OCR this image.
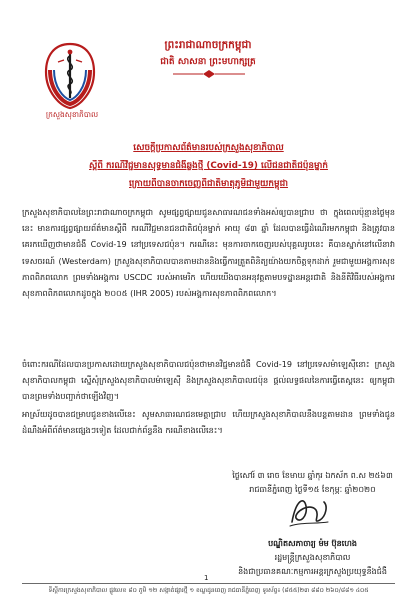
ក្រសួងសុខាភិបាល
ព្រះរាជាណាចក្រកម្ពុជា
ជាតិ សាសនា ព្រះមហាក្សត្រ
សេចក្តីប្រកាសព័ត៌មានរបស់ក្រសួងសុខាភិបាល
ស្តីពី ករណីវិជ្ជមានសុទ្ធមានជំងឺឆ្លងថ្មី (Covid-19) លើជនជាតិជប៉ុនម្នាក់
ក្រោយពីបានចាកចេញពីជាតិមាតុភូមិជាមួយកម្ពុជា
ក្រសួងសុខាភិបាលនៃព្រះរាជាណាចក្រកម្ពុជា សូមផ្សព្វផ្សាយជូនសាធារណជនទាំងអស់ឲ្យបានជ្រាប ថា ក្នុងពេលប៉ុន្មានថ្ងៃមុននេះ មានការផ្សព្វផ្សាយព័ត៌មានស្តីពី ករណីវិជ្ជមានជនជាតិជប៉ុនម្នាក់ អាយុ ៨៣ ឆ្នាំ ដែលបានធ្វើដំណើរមកកម្ពុជា និងត្រូវបានគេរកឃើញថាមានជំងឺ Covid-19 នៅប្រទេសជប៉ុន។ ករណីនេះ មុនការចាកចេញរបស់បុគ្គលរូបនេះ គឺបានស្នាក់នៅលើនាវាទេសចរណ៍ (Westerdam) ក្រសួងសុខាភិបាលបានតាមដាននិងធ្វើការត្រួតពិនិត្យយ៉ាងយកចិត្តទុកដាក់ រួមជាមួយអង្គការសុខភាពពិភពលោក ព្រមទាំងអង្គការ USCDC របស់អាមេរិក ហើយយើងបានអនុវត្តតាមបទដ្ឋានអន្តរជាតិ និងនីតិវិធីរបស់អង្គការសុខភាពពិភពលោកដូចក្នុង ២០០៥ (IHR 2005) របស់អង្គការសុខភាពពិភពលោក។
ចំពោះករណីដែលបានប្រកាសដោយក្រសួងសុខាភិបាលជប៉ុនថាមានវិជ្ជមានជំងឺ Covid-19 នៅប្រទេសម៉ាឡេស៊ីនោះ ក្រសួងសុខាភិបាលកម្ពុជា ស្នើសុំក្រសួងសុខាភិបាលម៉ាឡេស៊ី និងក្រសួងសុខាភិបាលជប៉ុន ផ្តល់លទ្ធផលនៃការធ្វើតេស្តនេះ ឲ្យកម្ពុជាបានព្រមទាំងបញ្ជាក់ថាឡើងវិញ។
អាស្រ័យដូចបានជម្រាបជូនខាងលើនេះ សូមសាធារណជនមេត្តាជ្រាប ហើយក្រសួងសុខាភិបាលនឹងបន្តតាមដាន ព្រមទាំងជូនដំណឹងអំពីព័ត៌មានផ្សេងៗទៀត ដែលជាក់ព័ន្ធនឹង ករណីខាងលើនេះ។
ថ្ងៃសៅរ៍ ៣ រោច ខែមាឃ ឆ្នាំកុរ ឯកស័ក ព.ស ២៥៦៣
រាជធានីភ្នំពេញ ថ្ងៃទី១៥ ខែកុម្ភៈ ឆ្នាំ២០២០
បណ្ឌិតសភាចារ្យ ម៉ម ប៊ុនហេង
រដ្ឋមន្ត្រីក្រសួងសុខាភិបាល
និងជាប្រធានគណៈកម្មការអន្តរក្រសួងប្រយុទ្ធនឹងជំងឺ
1
ទីស្តីការក្រសួងសុខាភិបាល ផ្លូវលេខ ៨០ ភូមិ ១២ សង្កាត់ផ្សារថ្មី ១ ខណ្ឌដូនពេញ រាជធានីភ្នំពេញ ទូរស័ព្ទ៖ (៨៥៥)២៣ ៨៨០ ២៦០/៨៨១ ៤០៥
